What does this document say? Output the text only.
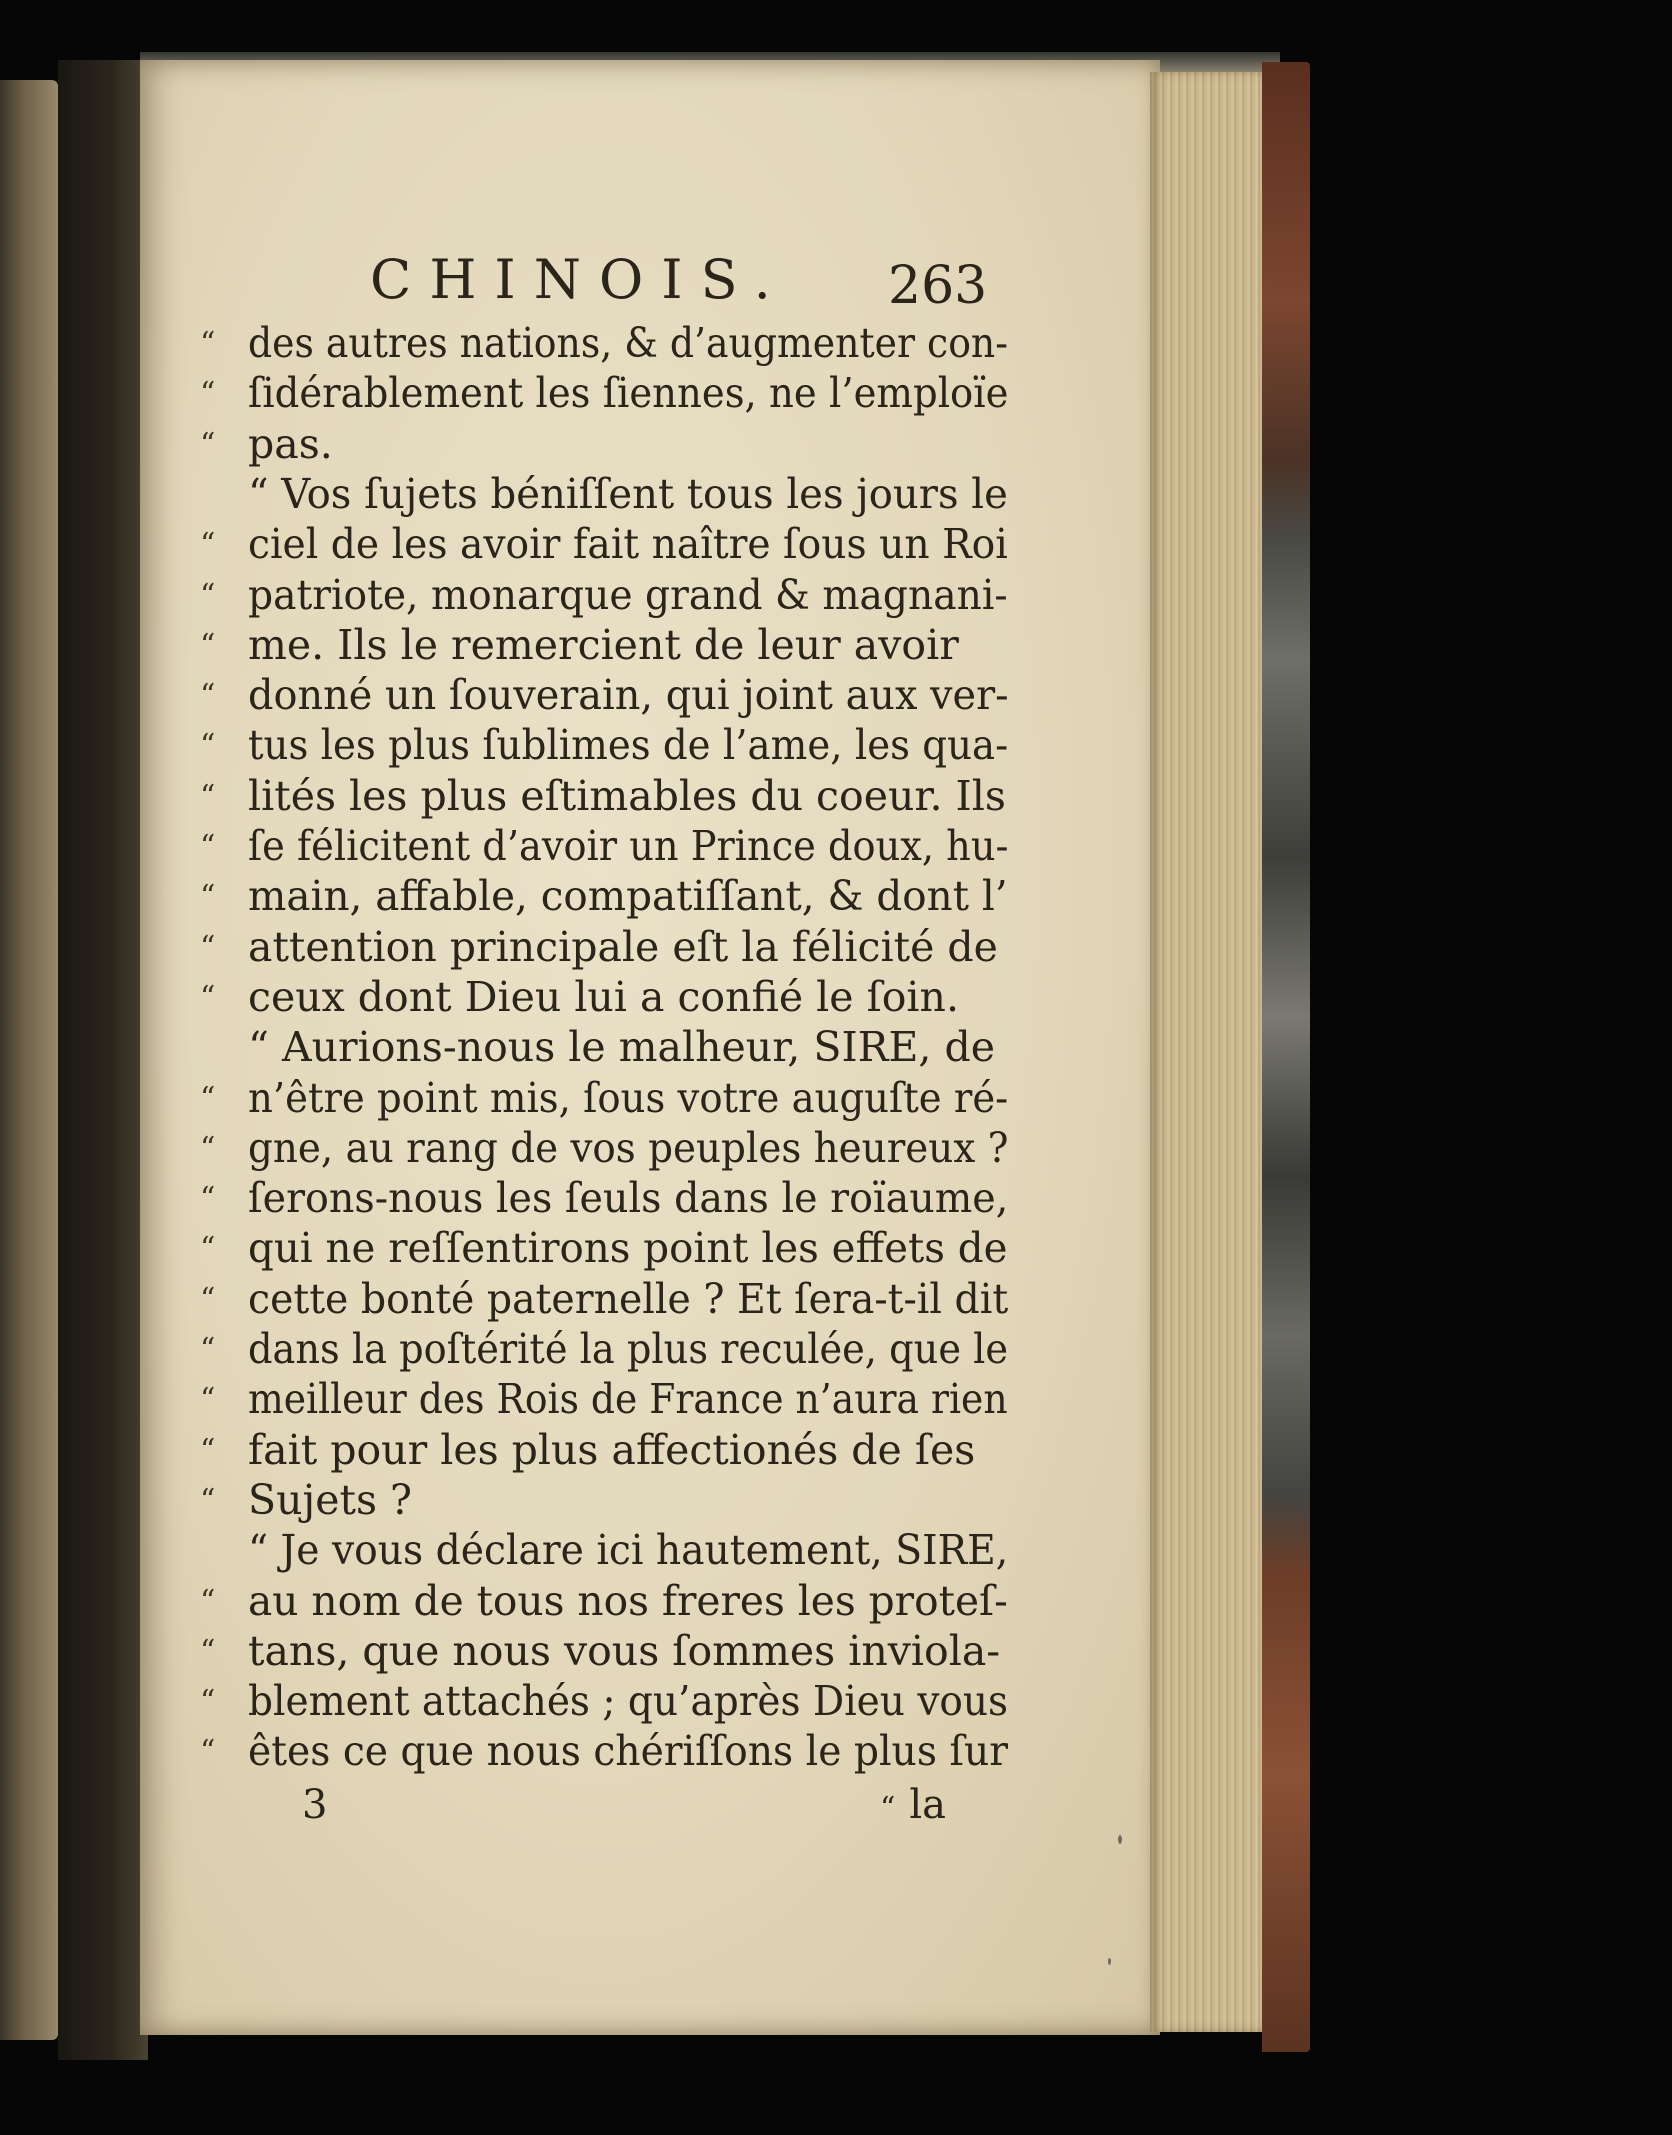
CHINOIS. 263
“ des autres nations, & d’augmenter con-
“ ſidérablement les ſiennes, ne l’emploïe
“ pas.
“ Vos ſujets béniſſent tous les jours le
“ ciel de les avoir fait naître ſous un Roi
“ patriote, monarque grand & magnani-
“ me. Ils le remercient de leur avoir
“ donné un ſouverain, qui joint aux ver-
“ tus les plus ſublimes de l’ame, les qua-
“ lités les plus eſtimables du coeur. Ils
“ ſe félicitent d’avoir un Prince doux, hu-
“ main, affable, compatiſſant, & dont l’
“ attention principale eſt la félicité de
“ ceux dont Dieu lui a confié le ſoin.
“ Aurions-nous le malheur, SIRE, de
“ n’être point mis, ſous votre auguſte ré-
“ gne, au rang de vos peuples heureux ?
“ ſerons-nous les ſeuls dans le roïaume,
“ qui ne reſſentirons point les effets de
“ cette bonté paternelle ? Et ſera-t-il dit
“ dans la poſtérité la plus reculée, que le
“ meilleur des Rois de France n’aura rien
“ fait pour les plus affectionés de ſes
“ Sujets ?
“ Je vous déclare ici hautement, SIRE,
“ au nom de tous nos freres les proteſ-
“ tans, que nous vous ſommes inviola-
“ blement attachés ; qu’après Dieu vous
“ êtes ce que nous chériſſons le plus ſur
3	“ la
